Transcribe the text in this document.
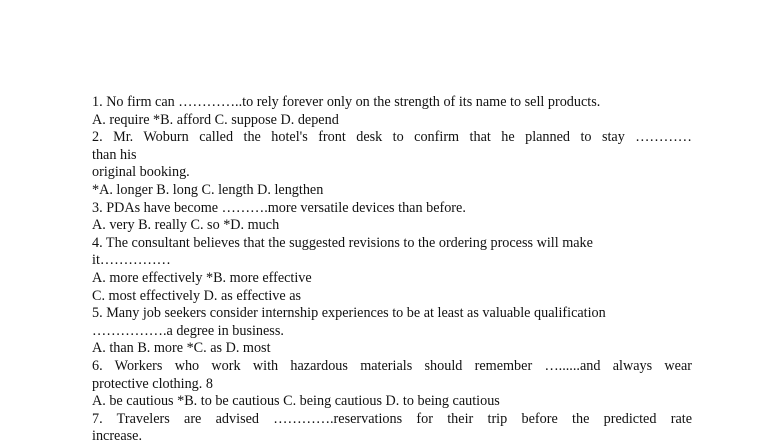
1. No firm can …………..to rely forever only on the strength of its name to sell products.
A. require *B. afford C. suppose D. depend
2. Mr. Woburn called the hotel's front desk to confirm that he planned to stay …………
than his
original booking.
*A. longer B. long C. length D. lengthen
3. PDAs have become ……….more versatile devices than before.
A. very B. really C. so *D. much
4. The consultant believes that the suggested revisions to the ordering process will make
it……………
A. more effectively *B. more effective
C. most effectively D. as effective as
5. Many job seekers consider internship experiences to be at least as valuable qualification
…………….a degree in business.
A. than B. more *C. as D. most
6. Workers who work with hazardous materials should remember …......and always wear
protective clothing. 8
A. be cautious *B. to be cautious C. being cautious D. to being cautious
7. Travelers are advised ………….reservations for their trip before the predicted rate
increase.
